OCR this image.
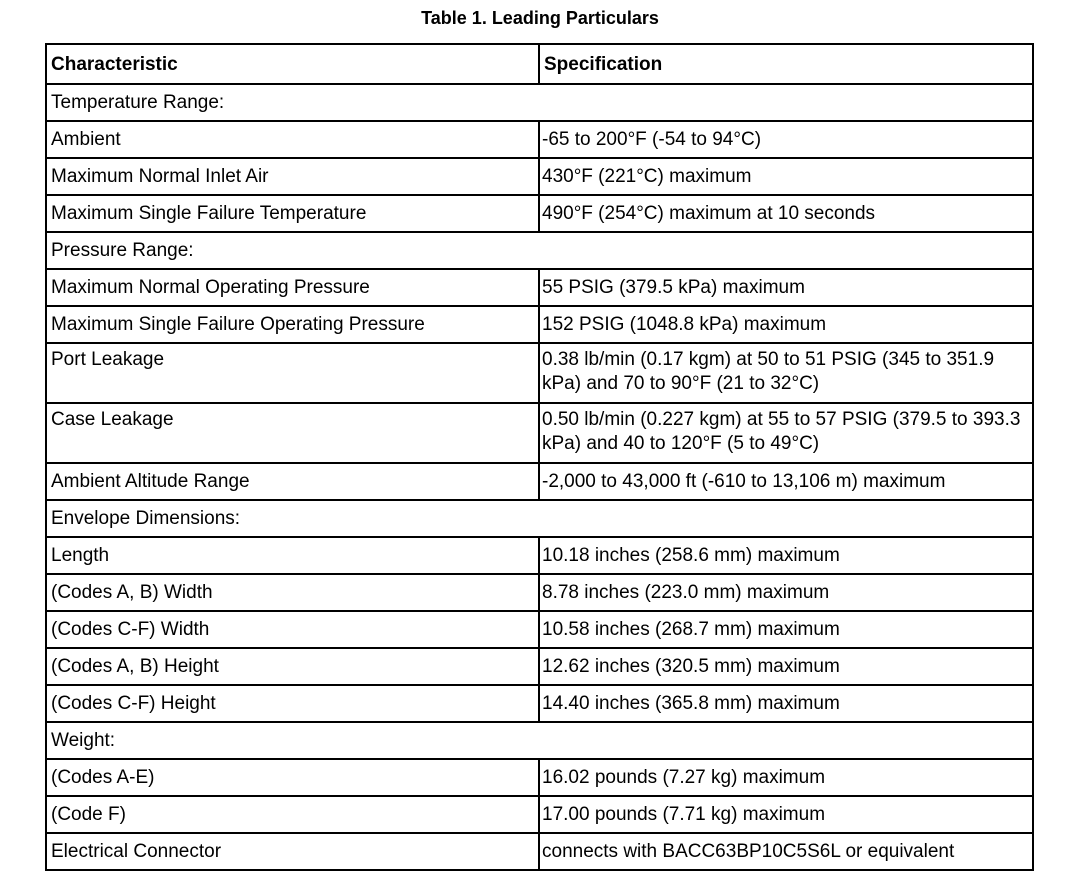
Table 1. Leading Particulars
Characteristic	Specification
Temperature Range:	
Ambient	-65 to 200°F (-54 to 94°C)
Maximum Normal Inlet Air	430°F (221°C) maximum
Maximum Single Failure Temperature	490°F (254°C) maximum at 10 seconds
Pressure Range:	
Maximum Normal Operating Pressure	55 PSIG (379.5 kPa) maximum
Maximum Single Failure Operating Pressure	152 PSIG (1048.8 kPa) maximum
Port Leakage	0.38 lb/min (0.17 kgm) at 50 to 51 PSIG (345 to 351.9 kPa) and 70 to 90°F (21 to 32°C)
Case Leakage	0.50 lb/min (0.227 kgm) at 55 to 57 PSIG (379.5 to 393.3 kPa) and 40 to 120°F (5 to 49°C)
Ambient Altitude Range	-2,000 to 43,000 ft (-610 to 13,106 m) maximum
Envelope Dimensions:	
Length	10.18 inches (258.6 mm) maximum
(Codes A, B) Width	8.78 inches (223.0 mm) maximum
(Codes C-F) Width	10.58 inches (268.7 mm) maximum
(Codes A, B) Height	12.62 inches (320.5 mm) maximum
(Codes C-F) Height	14.40 inches (365.8 mm) maximum
Weight:	
(Codes A-E)	16.02 pounds (7.27 kg) maximum
(Code F)	17.00 pounds (7.71 kg) maximum
Electrical Connector	connects with BACC63BP10C5S6L or equivalent
